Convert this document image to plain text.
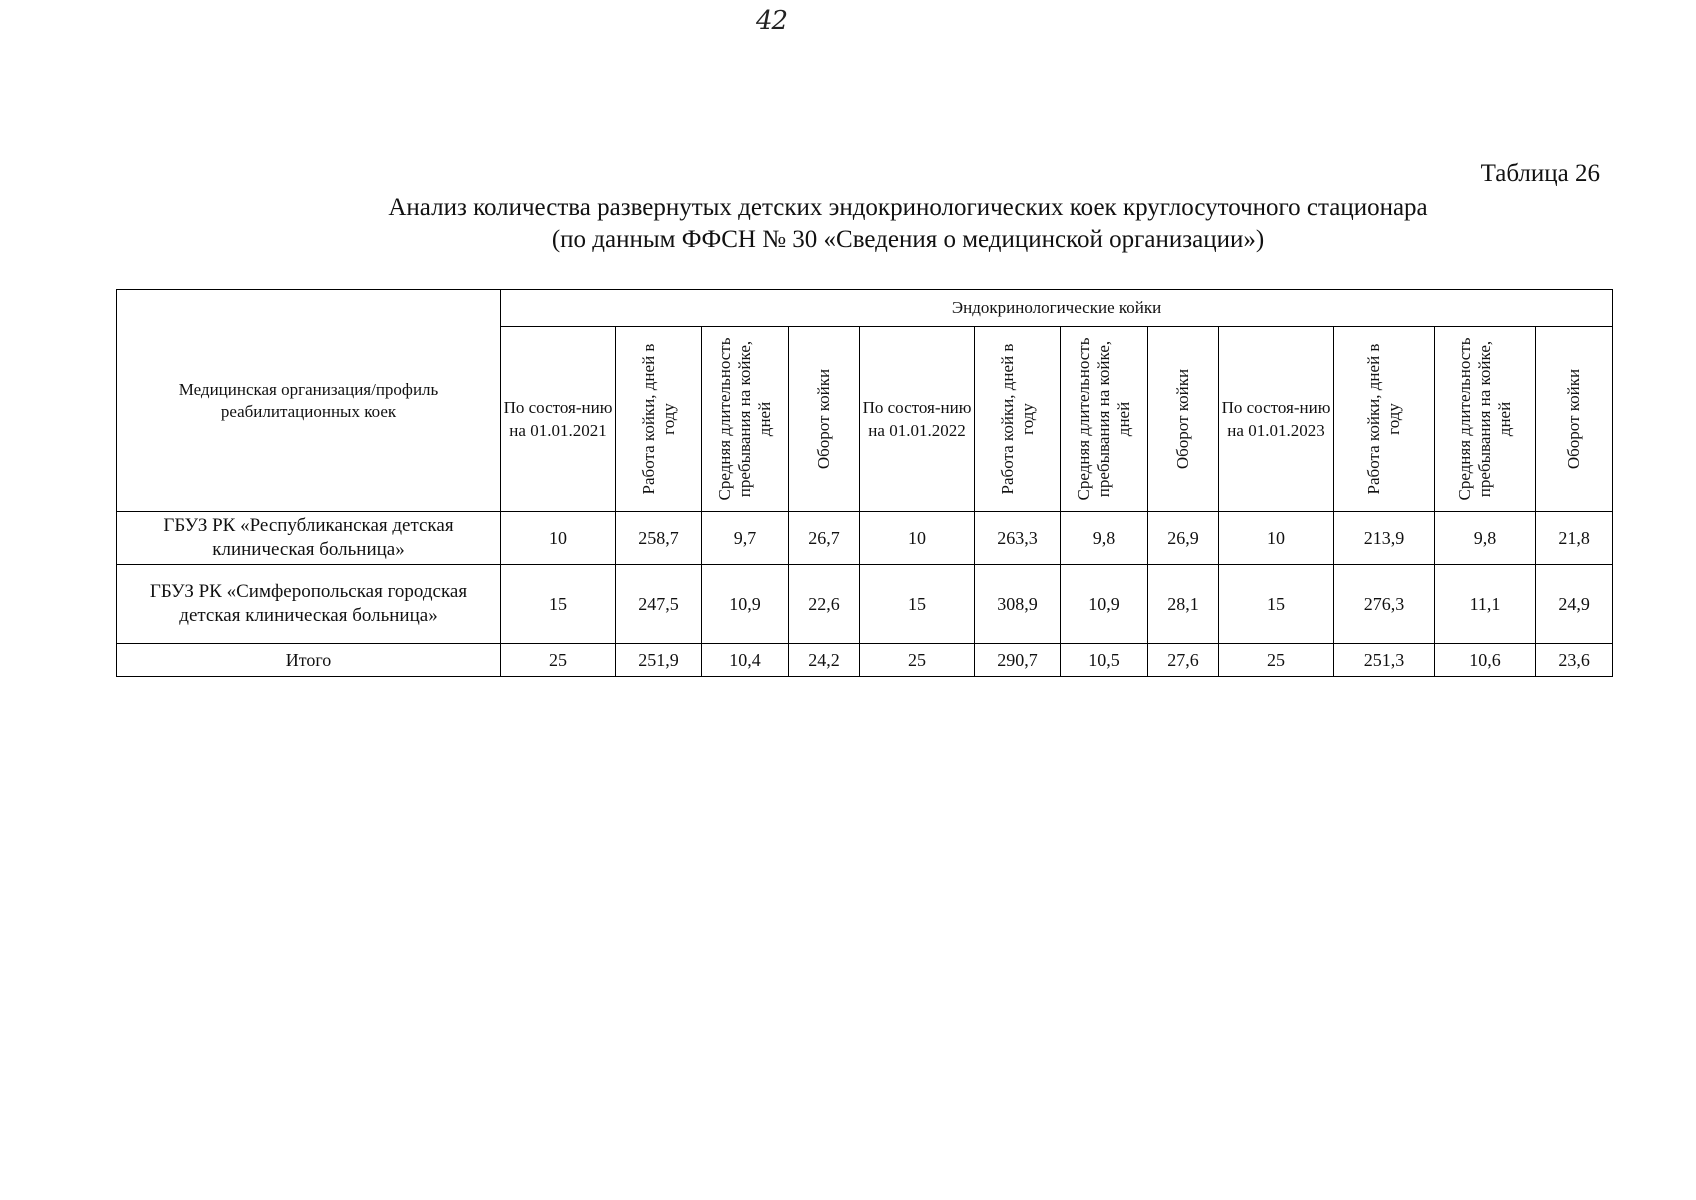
42
Таблица 26
Анализ количества развернутых детских эндокринологических коек круглосуточного стационара
(по данным ФФСН № 30 «Сведения о медицинской организации»)
Медицинская организация/профиль реабилитационных коек	Эндокринологические койки											
	По состоя-нию на 01.01.2021	Работа койки, дней в году	Средняя длительность пребывания на койке, дней	Оборот койки	По состоя-нию на 01.01.2022	Работа койки, дней в году	Средняя длительность пребывания на койке, дней	Оборот койки	По состоя-нию на 01.01.2023	Работа койки, дней в году	Средняя длительность пребывания на койке, дней	Оборот койки

ГБУЗ РК «Республиканская детская клиническая больница»	10	258,7	9,7	26,7	10	263,3	9,8	26,9	10	213,9	9,8	21,8
ГБУЗ РК «Симферопольская городская детская клиническая больница»	15	247,5	10,9	22,6	15	308,9	10,9	28,1	15	276,3	11,1	24,9
Итого	25	251,9	10,4	24,2	25	290,7	10,5	27,6	25	251,3	10,6	23,6
